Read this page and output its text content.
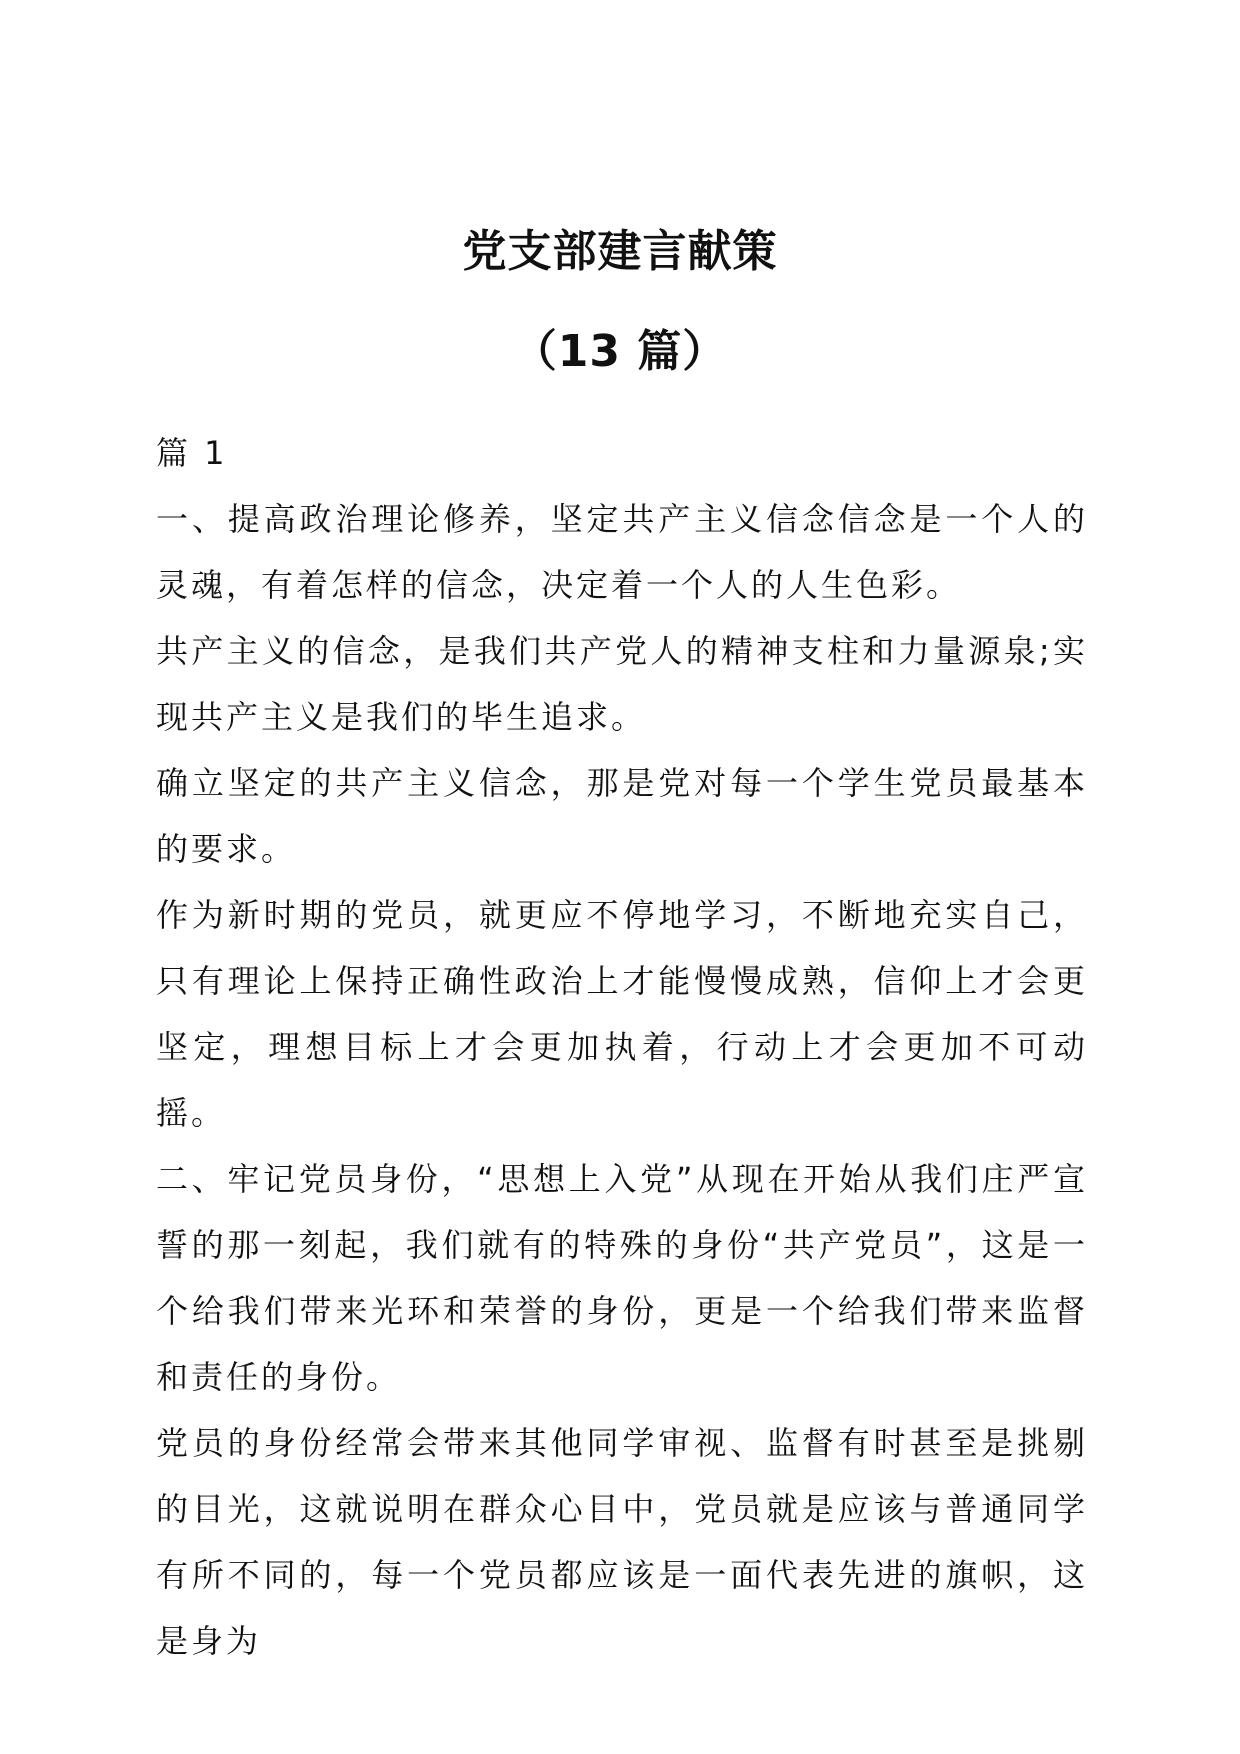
党支部建言献策
（13 篇）

篇 1

一、提高政治理论修养，坚定共产主义信念信念是一个人的灵魂，有着怎样的信念，决定着一个人的人生色彩。

共产主义的信念，是我们共产党人的精神支柱和力量源泉;实现共产主义是我们的毕生追求。

确立坚定的共产主义信念，那是党对每一个学生党员最基本的要求。

作为新时期的党员，就更应不停地学习，不断地充实自己，只有理论上保持正确性政治上才能慢慢成熟，信仰上才会更坚定，理想目标上才会更加执着，行动上才会更加不可动摇。

二、牢记党员身份，“思想上入党”从现在开始从我们庄严宣誓的那一刻起，我们就有的特殊的身份“共产党员”，这是一个给我们带来光环和荣誉的身份，更是一个给我们带来监督和责任的身份。

党员的身份经常会带来其他同学审视、监督有时甚至是挑剔的目光，这就说明在群众心目中，党员就是应该与普通同学有所不同的，每一个党员都应该是一面代表先进的旗帜，这是身为
